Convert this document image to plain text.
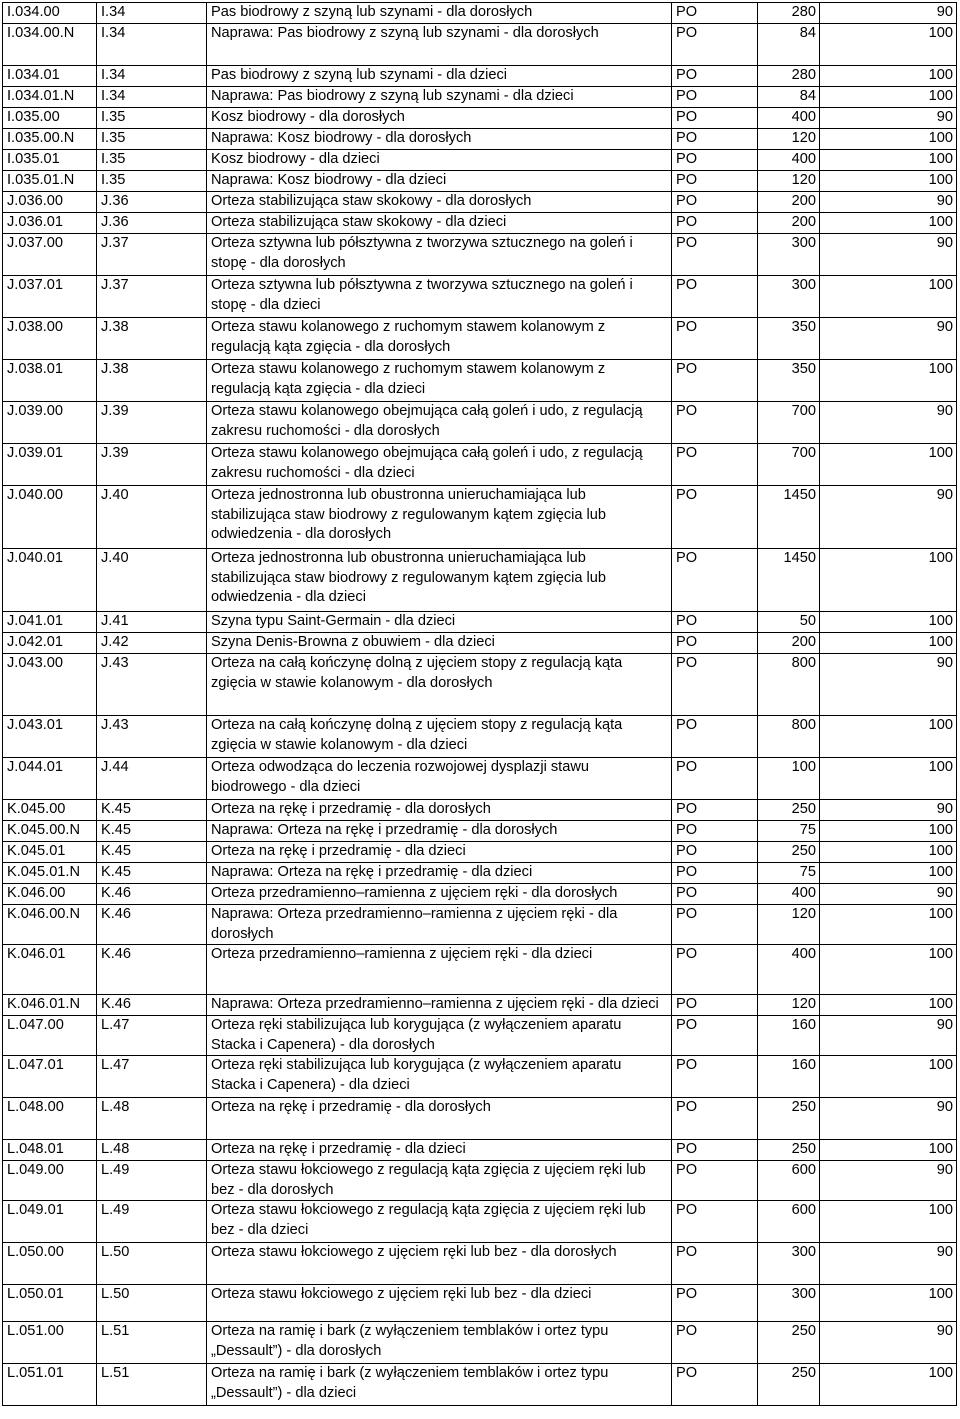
I.034.00	I.34	Pas biodrowy z szyną lub szynami - dla dorosłych	PO	280	90
I.034.00.N	I.34	Naprawa: Pas biodrowy z szyną lub szynami - dla dorosłych	PO	84	100
I.034.01	I.34	Pas biodrowy z szyną lub szynami - dla dzieci	PO	280	100
I.034.01.N	I.34	Naprawa: Pas biodrowy z szyną lub szynami - dla dzieci	PO	84	100
I.035.00	I.35	Kosz biodrowy - dla dorosłych	PO	400	90
I.035.00.N	I.35	Naprawa: Kosz biodrowy - dla dorosłych	PO	120	100
I.035.01	I.35	Kosz biodrowy - dla dzieci	PO	400	100
I.035.01.N	I.35	Naprawa: Kosz biodrowy - dla dzieci	PO	120	100
J.036.00	J.36	Orteza stabilizująca staw skokowy - dla dorosłych	PO	200	90
J.036.01	J.36	Orteza stabilizująca staw skokowy - dla dzieci	PO	200	100
J.037.00	J.37	Orteza sztywna lub półsztywna z tworzywa sztucznego na goleń i stopę - dla dorosłych	PO	300	90
J.037.01	J.37	Orteza sztywna lub półsztywna z tworzywa sztucznego na goleń i stopę - dla dzieci	PO	300	100
J.038.00	J.38	Orteza stawu kolanowego z ruchomym stawem kolanowym z regulacją kąta zgięcia - dla dorosłych	PO	350	90
J.038.01	J.38	Orteza stawu kolanowego z ruchomym stawem kolanowym z regulacją kąta zgięcia - dla dzieci	PO	350	100
J.039.00	J.39	Orteza stawu kolanowego obejmująca całą goleń i udo, z regulacją zakresu ruchomości - dla dorosłych	PO	700	90
J.039.01	J.39	Orteza stawu kolanowego obejmująca całą goleń i udo, z regulacją zakresu ruchomości - dla dzieci	PO	700	100
J.040.00	J.40	Orteza jednostronna lub obustronna unieruchamiająca lub stabilizująca staw biodrowy z regulowanym kątem zgięcia lub odwiedzenia - dla dorosłych	PO	1450	90
J.040.01	J.40	Orteza jednostronna lub obustronna unieruchamiająca lub stabilizująca staw biodrowy z regulowanym kątem zgięcia lub odwiedzenia - dla dzieci	PO	1450	100
J.041.01	J.41	Szyna typu Saint-Germain - dla dzieci	PO	50	100
J.042.01	J.42	Szyna Denis-Browna z obuwiem - dla dzieci	PO	200	100
J.043.00	J.43	Orteza na całą kończynę dolną z ujęciem stopy z regulacją kąta zgięcia w stawie kolanowym - dla dorosłych	PO	800	90
J.043.01	J.43	Orteza na całą kończynę dolną z ujęciem stopy z regulacją kąta zgięcia w stawie kolanowym - dla dzieci	PO	800	100
J.044.01	J.44	Orteza odwodząca do leczenia rozwojowej dysplazji stawu biodrowego - dla dzieci	PO	100	100
K.045.00	K.45	Orteza na rękę i przedramię - dla dorosłych	PO	250	90
K.045.00.N	K.45	Naprawa: Orteza na rękę i przedramię - dla dorosłych	PO	75	100
K.045.01	K.45	Orteza na rękę i przedramię - dla dzieci	PO	250	100
K.045.01.N	K.45	Naprawa: Orteza na rękę i przedramię - dla dzieci	PO	75	100
K.046.00	K.46	Orteza przedramienno–ramienna z ujęciem ręki - dla dorosłych	PO	400	90
K.046.00.N	K.46	Naprawa: Orteza przedramienno–ramienna z ujęciem ręki - dla dorosłych	PO	120	100
K.046.01	K.46	Orteza przedramienno–ramienna z ujęciem ręki - dla dzieci	PO	400	100
K.046.01.N	K.46	Naprawa: Orteza przedramienno–ramienna z ujęciem ręki - dla dzieci	PO	120	100
L.047.00	L.47	Orteza ręki stabilizująca lub korygująca (z wyłączeniem aparatu Stacka i Capenera) - dla dorosłych	PO	160	90
L.047.01	L.47	Orteza ręki stabilizująca lub korygująca (z wyłączeniem aparatu Stacka i Capenera) - dla dzieci	PO	160	100
L.048.00	L.48	Orteza na rękę i przedramię - dla dorosłych	PO	250	90
L.048.01	L.48	Orteza na rękę i przedramię - dla dzieci	PO	250	100
L.049.00	L.49	Orteza stawu łokciowego z regulacją kąta zgięcia z ujęciem ręki lub bez - dla dorosłych	PO	600	90
L.049.01	L.49	Orteza stawu łokciowego z regulacją kąta zgięcia z ujęciem ręki lub bez - dla dzieci	PO	600	100
L.050.00	L.50	Orteza stawu łokciowego z ujęciem ręki lub bez - dla dorosłych	PO	300	90
L.050.01	L.50	Orteza stawu łokciowego z ujęciem ręki lub bez - dla dzieci	PO	300	100
L.051.00	L.51	Orteza na ramię i bark (z wyłączeniem temblaków i ortez typu „Dessault”) - dla dorosłych	PO	250	90
L.051.01	L.51	Orteza na ramię i bark (z wyłączeniem temblaków i ortez typu „Dessault”) - dla dzieci	PO	250	100
